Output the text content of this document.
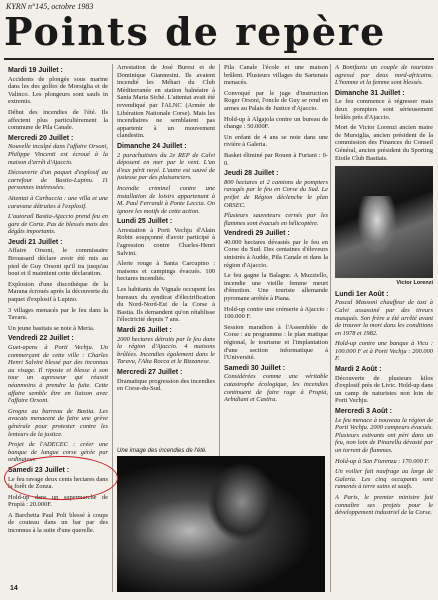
KYRN n°145, octobre 1983
Points de repère
Mardi 19 Juillet :

Accidents de plongée sous marine dans les des golfes de Morsiglia et de Valinco. Les plongeurs sont saufs in extremis.

Début des incendies de l'été. Ils affectent plus particulièrement la commune de Pila Canale.

Mercredi 20 Juillet :

Nouvelle inculpé dans l'affaire Orsoni, Philippe Vincenti est écroué à la maison d'arrêt d'Ajaccio.

Découverte d'un paquet d'explosif au carrefour de Bastio-Lupinu. 11 personnes intéressées.

Attentat à Carbuccia : une villa et une caravane détruites à l'explosif.

L'autorail Bastia-Ajaccio prend feu en gare de Corte. Pas de blessés mais des dégâts importants.

Jeudi 21 Juillet :

Affaire Orsoni, le commissaire Broussard déclare avoir été mis au pied de Guy Orsoni qu'il ira jusqu'au bout et il maintient cette déclaration.

Explosion d'une discothèque de la Marana écroués après la découverte du paquet d'explosif à Lupino.

3 villages menacés par le feu dans la Tavaru.

Un jeune bastiais se noie à Meria.

Vendredi 22 Juillet :

Guet-apens à Porti Vechju. Un commerçant de cette ville : Charles Henri Salvini blessé par des inconnus au visage. Il riposte et blesse à son tour un agresseur qui réussit néanmoins à prendre la fuite. Cette affaire semble être en liaison avec l'affaire Orsoni.

Grogne au barreau de Bastia. Les avocats menacent de faire une grève générale pour protester contre les lenteurs de la justice.

Projet de l'ADECEC : créer une banque de langue corse gérée par ordinateur.

Samedi 23 Juillet :

Le feu ravage deux cents hectares dans la forêt de Zonza.

Hold-up dans un supermarché de Prupià : 20.000F.

A Barchetta Paul Poli blessé à coups de couteau dans un bar par des inconnus à la suite d'une querelle.

Arrestation de José Buresi et de Dominique Giannesini. Ils avaient incendié les Méhari du Club Méditerranée en station balnéaire à Santa Maria Siché. L'attentat avait été revendiqué par l'ALNC (Armée de Libération Nationale Corse). Mais les incendiaires ne semblaient pas appartenir à un mouvement clandestin.

Dimanche 24 Juillet :

2 parachutistes du 2e REP de Calvi déposent en mer par le vent. L'un d'eux périt noyé. L'autre est sauvé de justesse par des plaisanciers.

Incendie criminel contre une installation de loisirs appartenant à M. Paul Ferrandi à Ponte Leccia. On ignore les motifs de cette action.

Lundi 25 Juillet :

Arrestation à Porti Vechju d'Alain Robin soupçonné d'avoir participé à l'agression contre Charles-Henri Salvini.

Alerte rouge à Santa Carcupino : maisons et campings évacués. 100 hectares incendiés.

Les habitants de Vignale occupent les bureaux du syndicat d'électrification du Nord-Nord-Est de la Corse à Bastia. Ils demandent qu'on rétablisse l'électricité depuis 7 ans.

Mardi 26 Juillet :

2000 hectares détruits par le feu dans la région d'Ajaccio. 4 maisons brûlées. Incendies également dans le Taravu, l'Alta Rocca et le Bizzanese.

Mercredi 27 Juillet :

Dramatique progression des incendies en Corse-du-Sud.

Pila Canale l'école et une maison brûlent. Plusieurs villages du Sartenais menacés.

Convoqué par le juge d'instruction Roger Orsoni, l'oncle de Guy se rend en armes au Palais de Justice d'Ajaccio.

Hold-up à Algajola contre un bureau de change : 50.000F.

Un enfant de 4 ans se noie dans une rivière à Galeria.

Basket éliminé par Rouen à Furiani : 0-0.

Jeudi 28 Juillet :

800 hectares et 2 camions de pompiers ravagés par le feu en Corse du Sud. Le préfet de Région déclenche le plan ORSEC.

Plusieurs sauveteurs cernés par les flammes sont évacués en hélicoptère.

Vendredi 29 Juillet :

40.000 hectares dévastés par le feu en Corse du Sud. Des centaines d'éleveurs sinistrés à Audde, Pila Canale et dans la région d'Ajaccio.

Le feu gagne la Balagne. A Muzziello, incendie une vieille femme meurt d'émotion. Une touriste allemande pyromane arrêtée à Piana.

Hold-up contre une crémerie à Ajaccio : 100.000 F.

Session marathon à l'Assemblée de Corse : au programme : le plan matique régional, le tourisme et l'implantation d'une section informatique à l'Université.

Samedi 30 Juillet :

Considérées comme une véritable catastrophe écologique, les incendies continuent de faire rage à Prupià, Arbidiani et Castira.

A Bonifaziu un couple de touristes agressé par deux nord-africains. L'homme et la femme sont blessés.

Dimanche 31 Juillet :

Le feu commence à régresser mais deux pompiers sont sérieusement brûlés près d'Ajaccio.

Mort de Victor Lorenzi ancien maire de Mursiglia, ancien président de la commission des Finances du Conseil Général, ancien président du Sporting Etoile Club Bastiais.

Victor Lorenzi
Lundi 1er Août :

Pascal Massoni chauffeur de taxi à Calvi assassiné par des tireurs masqués. Son frère a été arrêté avant de trouver la mort dans les conditions en 1978 et 1982.

Hold-up contre une banque à Vicu : 100.000 F et à Porti Vechju : 200.000 F.

Mardi 2 Août :

Découverte de plusieurs kilos d'explosif près de Livic. Hold-up dans un camp de naturistes non loin de Porti Vechju.

Mercredi 3 Août :

Le feu menace à nouveau la région de Porti Vechju. 2000 campeurs évacués. Plusieurs estivants ont péri dans un feu, non loin de Pinarellu dévasté par un torrent de flammes.

Hold-up à San Fiurenzu : 170.000 F.

Un voilier fait naufrage au large de Galeria. Les cinq occupants sont ramenés à terre sains et saufs.

A Paris, le premier ministre fait connaître ses projets pour le développement industriel de la Corse.

Une image des incendies de l'été.
14
